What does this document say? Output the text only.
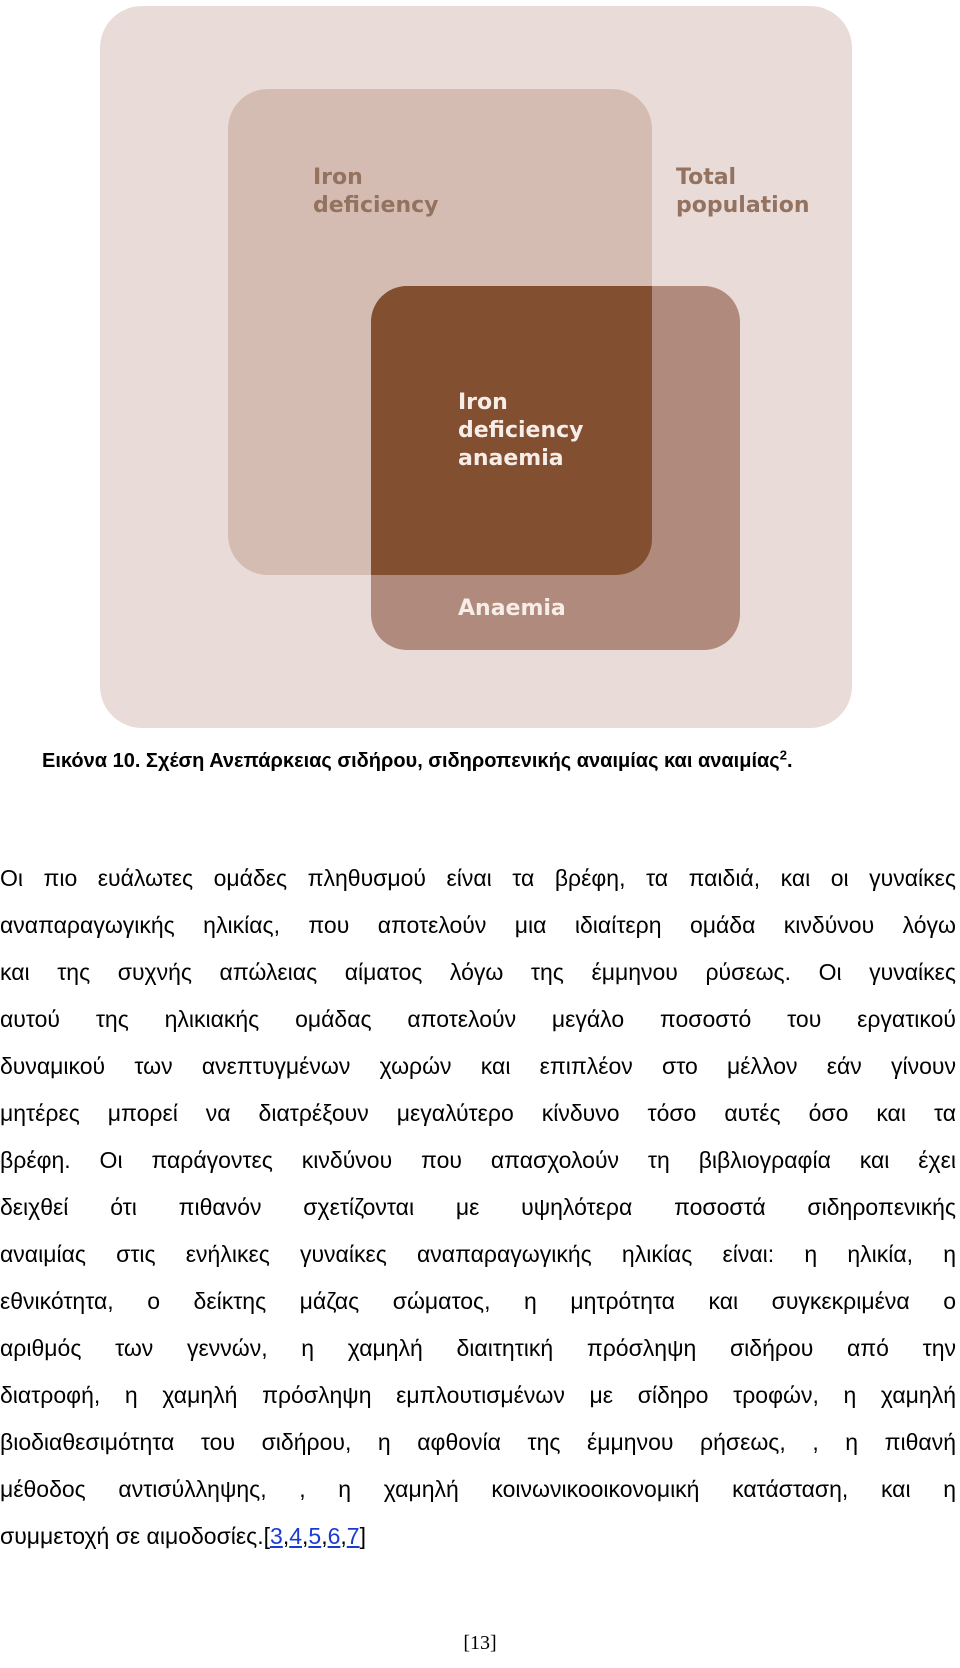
Iron
deficiency
Total
population
Iron
deficiency
anaemia
Anaemia
Εικόνα 10. Σχέση Ανεπάρκειας σιδήρου, σιδηροπενικής αναιμίας και αναιμίας$^2$.
Οι πιο ευάλωτες ομάδες πληθυσμού είναι τα βρέφη, τα παιδιά, και οι γυναίκες
αναπαραγωγικής ηλικίας, που αποτελούν μια ιδιαίτερη ομάδα κινδύνου λόγω
και της συχνής απώλειας αίματος λόγω της έμμηνου ρύσεως. Οι γυναίκες
αυτού της ηλικιακής ομάδας αποτελούν μεγάλο ποσοστό του εργατικού
δυναμικού των ανεπτυγμένων χωρών και επιπλέον στο μέλλον εάν γίνουν
μητέρες μπορεί να διατρέξουν μεγαλύτερο κίνδυνο τόσο αυτές όσο και τα
βρέφη. Οι παράγοντες κινδύνου που απασχολούν τη βιβλιογραφία και έχει
δειχθεί ότι πιθανόν σχετίζονται με υψηλότερα ποσοστά σιδηροπενικής
αναιμίας στις ενήλικες γυναίκες αναπαραγωγικής ηλικίας είναι: η ηλικία, η
εθνικότητα, ο δείκτης μάζας σώματος, η μητρότητα και συγκεκριμένα ο
αριθμός των γεννών, η χαμηλή διαιτητική πρόσληψη σιδήρου από την
διατροφή, η χαμηλή πρόσληψη εμπλουτισμένων με σίδηρο τροφών, η χαμηλή
βιοδιαθεσιμότητα του σιδήρου, η αφθονία της έμμηνου ρήσεως, , η πιθανή
μέθοδος αντισύλληψης, , η χαμηλή κοινωνικοοικονομική κατάσταση, και η
συμμετοχή σε αιμοδοσίες.[3,4,5,6,7]
[13]
